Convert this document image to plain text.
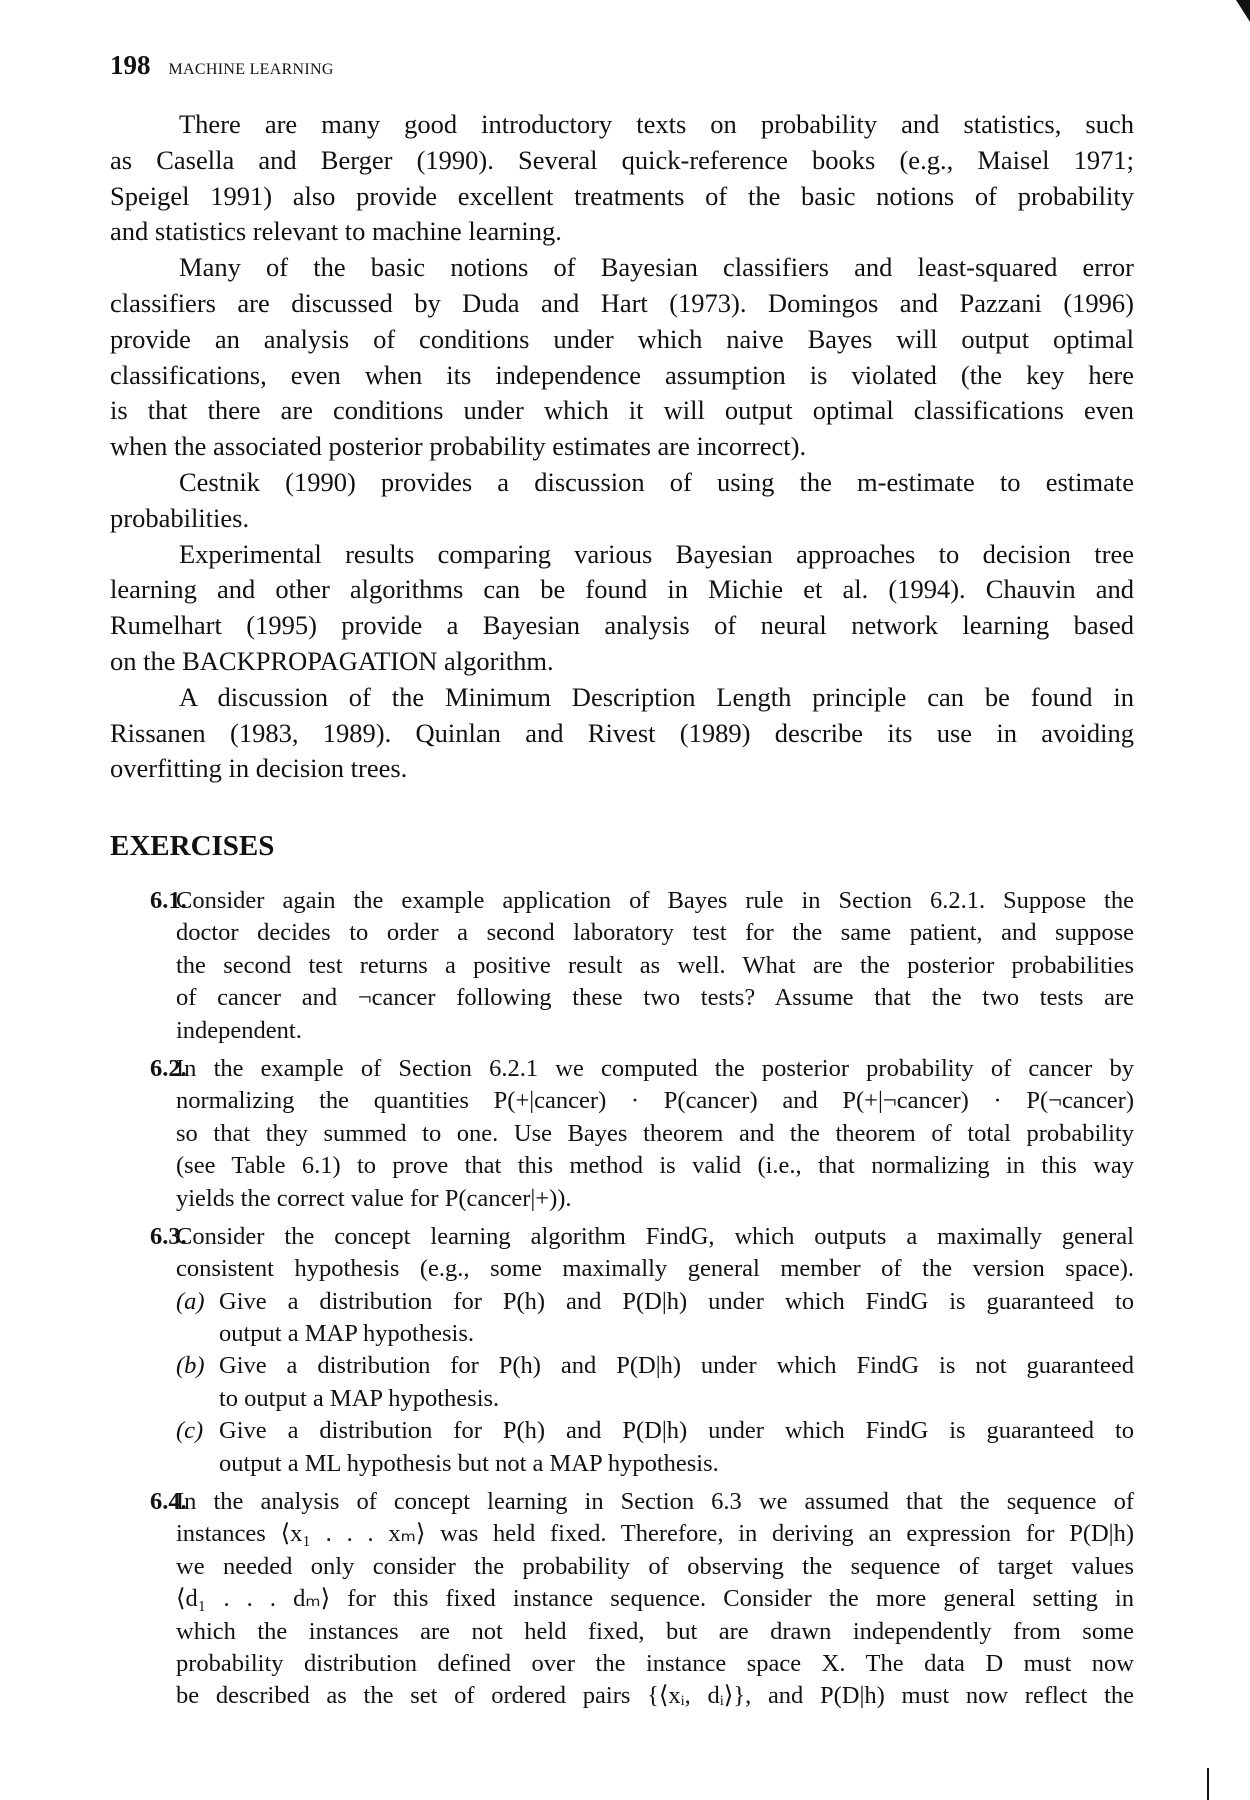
198 MACHINE LEARNING
There are many good introductory texts on probability and statistics, such
as Casella and Berger (1990). Several quick-reference books (e.g., Maisel 1971;
Speigel 1991) also provide excellent treatments of the basic notions of probability
and statistics relevant to machine learning.
Many of the basic notions of Bayesian classifiers and least-squared error
classifiers are discussed by Duda and Hart (1973). Domingos and Pazzani (1996)
provide an analysis of conditions under which naive Bayes will output optimal
classifications, even when its independence assumption is violated (the key here
is that there are conditions under which it will output optimal classifications even
when the associated posterior probability estimates are incorrect).
Cestnik (1990) provides a discussion of using the m-estimate to estimate
probabilities.
Experimental results comparing various Bayesian approaches to decision tree
learning and other algorithms can be found in Michie et al. (1994). Chauvin and
Rumelhart (1995) provide a Bayesian analysis of neural network learning based
on the BACKPROPAGATION algorithm.
A discussion of the Minimum Description Length principle can be found in
Rissanen (1983, 1989). Quinlan and Rivest (1989) describe its use in avoiding
overfitting in decision trees.
EXERCISES
6.1.
Consider again the example application of Bayes rule in Section 6.2.1. Suppose the
doctor decides to order a second laboratory test for the same patient, and suppose
the second test returns a positive result as well. What are the posterior probabilities
of cancer and ¬cancer following these two tests? Assume that the two tests are
independent.
6.2.
In the example of Section 6.2.1 we computed the posterior probability of cancer by
normalizing the quantities P(+|cancer) · P(cancer) and P(+|¬cancer) · P(¬cancer)
so that they summed to one. Use Bayes theorem and the theorem of total probability
(see Table 6.1) to prove that this method is valid (i.e., that normalizing in this way
yields the correct value for P(cancer|+)).
6.3.
Consider the concept learning algorithm FindG, which outputs a maximally general
consistent hypothesis (e.g., some maximally general member of the version space).
(a) Give a distribution for P(h) and P(D|h) under which FindG is guaranteed to
output a MAP hypothesis.
(b) Give a distribution for P(h) and P(D|h) under which FindG is not guaranteed
to output a MAP hypothesis.
(c) Give a distribution for P(h) and P(D|h) under which FindG is guaranteed to
output a ML hypothesis but not a MAP hypothesis.
6.4.
In the analysis of concept learning in Section 6.3 we assumed that the sequence of
instances ⟨x₁ . . . xₘ⟩ was held fixed. Therefore, in deriving an expression for P(D|h)
we needed only consider the probability of observing the sequence of target values
⟨d₁ . . . dₘ⟩ for this fixed instance sequence. Consider the more general setting in
which the instances are not held fixed, but are drawn independently from some
probability distribution defined over the instance space X. The data D must now
be described as the set of ordered pairs {⟨xᵢ, dᵢ⟩}, and P(D|h) must now reflect the
